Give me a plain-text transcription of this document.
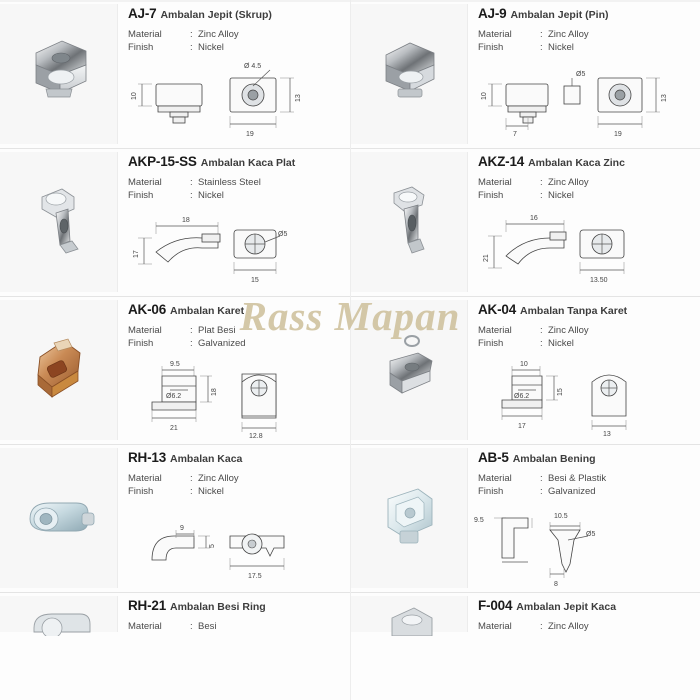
Rass Mapan
AJ-7 Ambalan Jepit (Skrup)
Material	: Zinc Alloy
Finish	: Nickel
10	13
19
Ø 4.5
AJ-9 Ambalan Jepit (Pin)
Material	: Zinc Alloy
Finish	: Nickel
10
7
Ø5
13
19
AKP-15-SS Ambalan Kaca Plat
Material	: Stainless Steel
Finish	: Nickel
18
17
Ø5
15
AKZ-14 Ambalan Kaca Zinc
Material	: Zinc Alloy
Finish	: Nickel
16
21
13.50
AK-06 Ambalan Karet
Material	: Plat Besi
Finish	: Galvanized
9.5
Ø6.2
18
21
12.8
AK-04 Ambalan Tanpa Karet
Material	: Zinc Alloy
Finish	: Nickel
10
Ø6.2
15
17
13
RH-13 Ambalan Kaca
Material	: Zinc Alloy
Finish	: Nickel
9
5
17.5
AB-5 Ambalan Bening
Material	: Besi & Plastik
Finish	: Galvanized
9.5
10.5
Ø5
8
RH-21 Ambalan Besi Ring
Material	: Besi
F-004 Ambalan Jepit Kaca
Material	: Zinc Alloy
